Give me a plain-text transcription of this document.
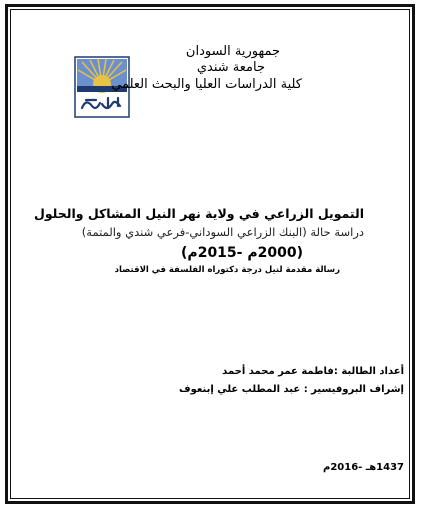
جمهورية السودان
جامعة شندي
كلية الدراسات العليا والبحث العلمي
التمويل الزراعي في ولاية نهر النيل المشاكل والحلول
دراسة حالة (البنك الزراعي السوداني-فرعي شندي والمتمة)
(2000م -2015م)
رسالة مقدمة لنيل درجة دكتوراه الفلسفة في الاقتصاد
أعداد الطالبة :فاطمة عمر محمد أحمد
إشراف البروفيسير : عبد المطلب علي إبنعوف
1437هـ -2016م
